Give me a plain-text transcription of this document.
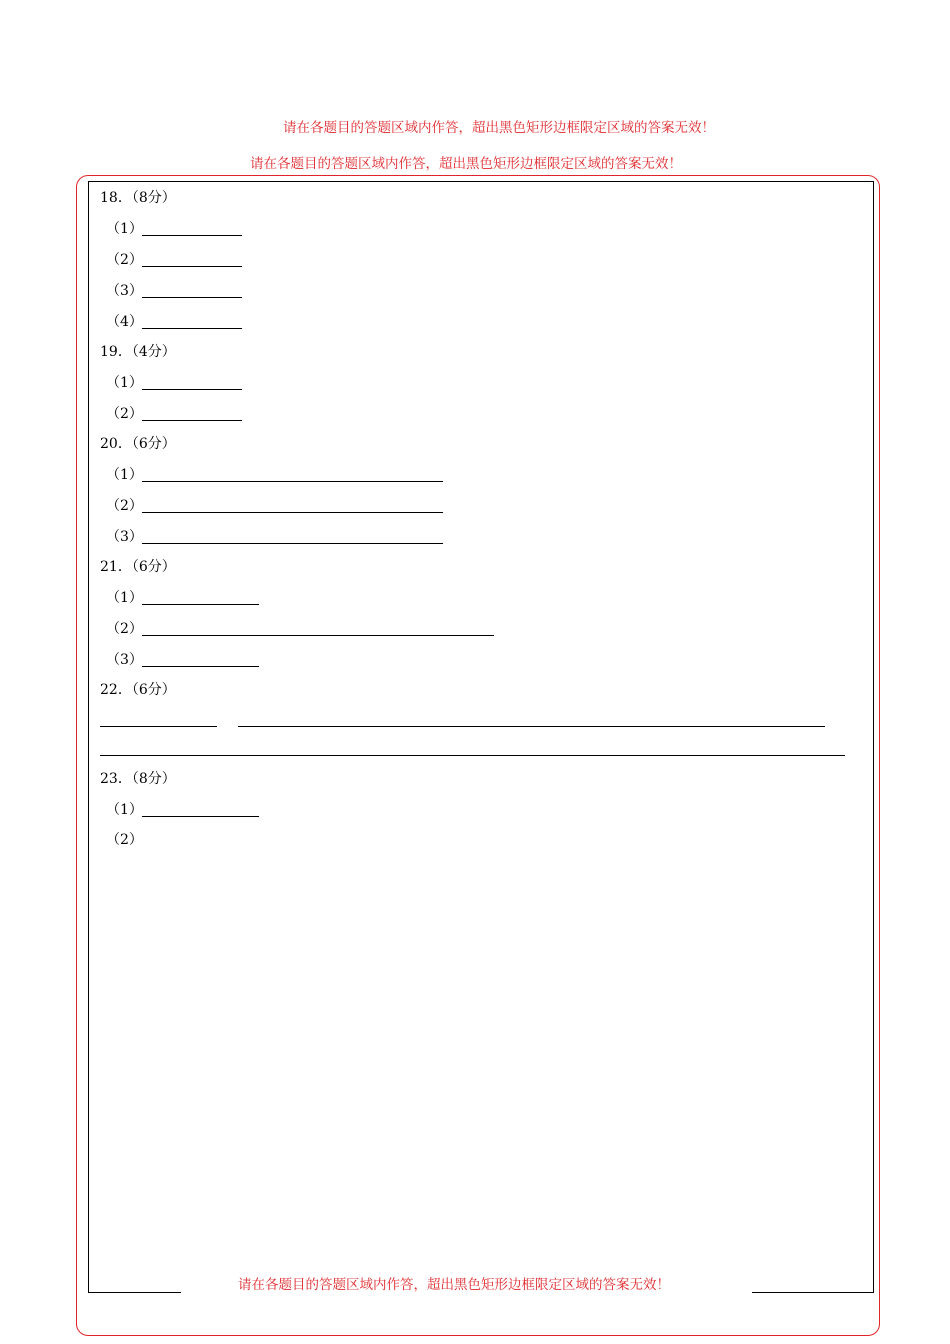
请在各题目的答题区域内作答，超出黑色矩形边框限定区域的答案无效！
请在各题目的答题区域内作答，超出黑色矩形边框限定区域的答案无效！
18．（8分）
（1）
（2）
（3）
（4）
19．（4分）
（1）
（2）
20．（6分）
（1）
（2）
（3）
21．（6分）
（1）
（2）
（3）
22．（6分）
23．（8分）
（1）
（2）
请在各题目的答题区域内作答，超出黑色矩形边框限定区域的答案无效！
